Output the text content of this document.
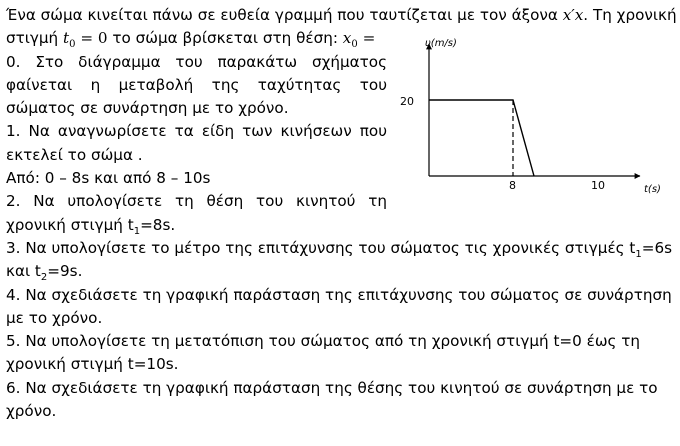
Ένα σώμα κινείται πάνω σε ευθεία γραμμή που ταυτίζεται με τον άξονα x′x. Τη χρονική
στιγμή $t_0 = 0$ το σώμα βρίσκεται στη θέση: $x_0$ =
0. Στο διάγραμμα του παρακάτω σχήματος
φαίνεται η μεταβολή της ταχύτητας του
σώματος σε συνάρτηση με το χρόνο.
1. Να αναγνωρίσετε τα είδη των κινήσεων που
εκτελεί το σώμα .
Από: 0 – 8s και από 8 – 10s
2. Να υπολογίσετε τη θέση του κινητού τη
χρονική στιγμή $t_1=8s$.
3. Να υπολογίσετε το μέτρο της επιτάχυνσης του σώματος τις χρονικές στιγμές $t_1=6s$
και $t_2=9s$.
4. Να σχεδιάσετε τη γραφική παράσταση της επιτάχυνσης του σώματος σε συνάρτηση
με το χρόνο.
5. Να υπολογίσετε τη μετατόπιση του σώματος από τη χρονική στιγμή t=0 έως τη
χρονική στιγμή t=10s.
6. Να σχεδιάσετε τη γραφική παράσταση της θέσης του κινητού σε συνάρτηση με το
χρόνο.
υ(m/s)
t(s)
20
8	10
